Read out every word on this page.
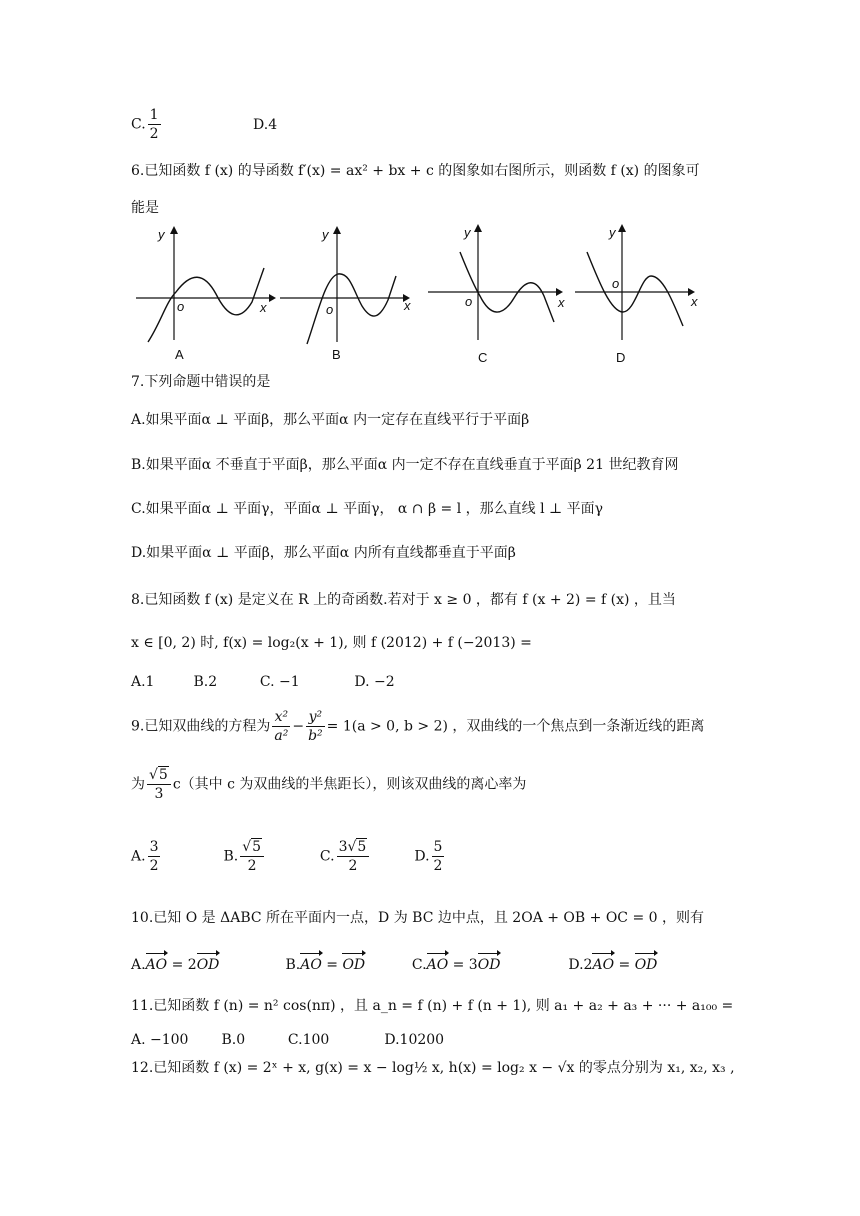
C. $\frac{1}{2}$	D.4
6.已知函数 f (x) 的导函数 f′(x) = ax² + bx + c 的图象如右图所示，则函数 f (x) 的图象可
能是
y
x
o
A
y
x
o
B
y
x
o
C
y
x
o
D
7.下列命题中错误的是
A.如果平面α ⊥ 平面β，那么平面α 内一定存在直线平行于平面β
B.如果平面α 不垂直于平面β，那么平面α 内一定不存在直线垂直于平面β 21 世纪教育网
C.如果平面α ⊥ 平面γ，平面α ⊥ 平面γ， α ∩ β = l ，那么直线 l ⊥ 平面γ
D.如果平面α ⊥ 平面β，那么平面α 内所有直线都垂直于平面β
8.已知函数 f (x) 是定义在 R 上的奇函数.若对于 x ≥ 0 ，都有 f (x + 2) = f (x) ，且当
x ∈ [0, 2) 时, f(x) = log₂(x + 1), 则 f (2012) + f (−2013) =
A.1	B.2	C. −1	D. −2
9.已知双曲线的方程为 $\frac{\text{x²}}{\text{a²}} - \frac{\text{y²}}{\text{b²}} = 1(a > 0$, b > 2) ，双曲线的一个焦点到一条渐近线的距离
为 $\frac{√5}{3} c$（其中 c 为双曲线的半焦距长），则该双曲线的离心率为
A. $\frac{3}{2}$	B. $\frac{√5}{2}$	C. $\frac{3√5}{2}$	D. $\frac{5}{2}$
10.已知 O 是 ΔABC 所在平面内一点，D 为 BC 边中点，且 2OA + OB + OC = 0 ，则有
A.AO = 2OD	B.AO = OD	C.AO = 3OD	D.2AO = OD
11.已知函数 f (n) = n² cos(nπ) ，且 a_n = f (n) + f (n + 1), 则 a₁ + a₂ + a₃ + ··· + a₁₀₀ =
A. −100 B.0	C.100	D.10200
12.已知函数 f (x) = 2ˣ + x, g(x) = x − log½ x, h(x) = log₂ x − √x 的零点分别为 x₁, x₂, x₃ ,
